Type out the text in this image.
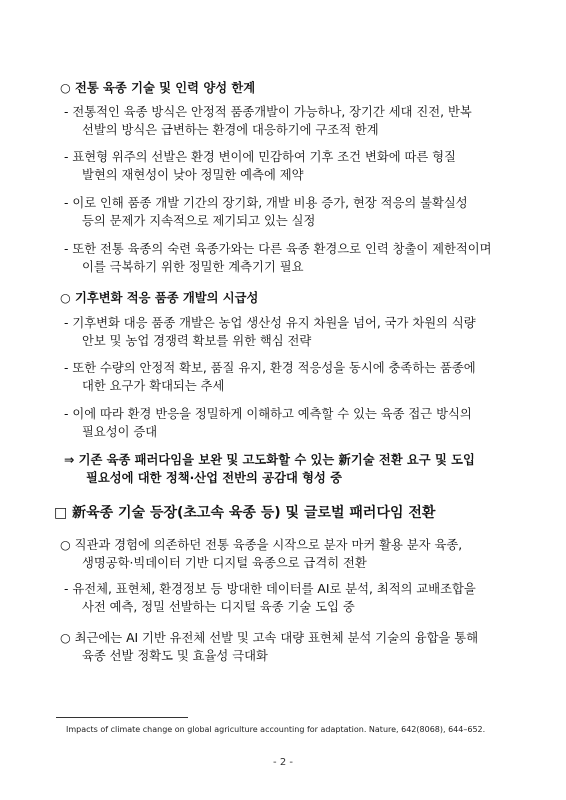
○ 전통 육종 기술 및 인력 양성 한계
- 전통적인 육종 방식은 안정적 품종개발이 가능하나, 장기간 세대 진전, 반복
선발의 방식은 급변하는 환경에 대응하기에 구조적 한계
- 표현형 위주의 선발은 환경 변이에 민감하여 기후 조건 변화에 따른 형질
발현의 재현성이 낮아 정밀한 예측에 제약
- 이로 인해 품종 개발 기간의 장기화, 개발 비용 증가, 현장 적응의 불확실성
등의 문제가 지속적으로 제기되고 있는 실정
- 또한 전통 육종의 숙련 육종가와는 다른 육종 환경으로 인력 창출이 제한적이며
이를 극복하기 위한 정밀한 계측기기 필요
○ 기후변화 적응 품종 개발의 시급성
- 기후변화 대응 품종 개발은 농업 생산성 유지 차원을 넘어, 국가 차원의 식량
안보 및 농업 경쟁력 확보를 위한 핵심 전략
- 또한 수량의 안정적 확보, 품질 유지, 환경 적응성을 동시에 충족하는 품종에
대한 요구가 확대되는 추세
- 이에 따라 환경 반응을 정밀하게 이해하고 예측할 수 있는 육종 접근 방식의
필요성이 증대
⇒ 기존 육종 패러다임을 보완 및 고도화할 수 있는 新기술 전환 요구 및 도입
필요성에 대한 정책·산업 전반의 공감대 형성 중
□ 新육종 기술 등장(초고속 육종 등) 및 글로벌 패러다임 전환
○ 직관과 경험에 의존하던 전통 육종을 시작으로 분자 마커 활용 분자 육종,
생명공학·빅데이터 기반 디지털 육종으로 급격히 전환
- 유전체, 표현체, 환경정보 등 방대한 데이터를 AI로 분석, 최적의 교배조합을
사전 예측, 정밀 선발하는 디지털 육종 기술 도입 중
○ 최근에는 AI 기반 유전체 선발 및 고속 대량 표현체 분석 기술의 융합을 통해
육종 선발 정확도 및 효율성 극대화
Impacts of climate change on global agriculture accounting for adaptation. Nature, 642(8068), 644–652.
- 2 -
